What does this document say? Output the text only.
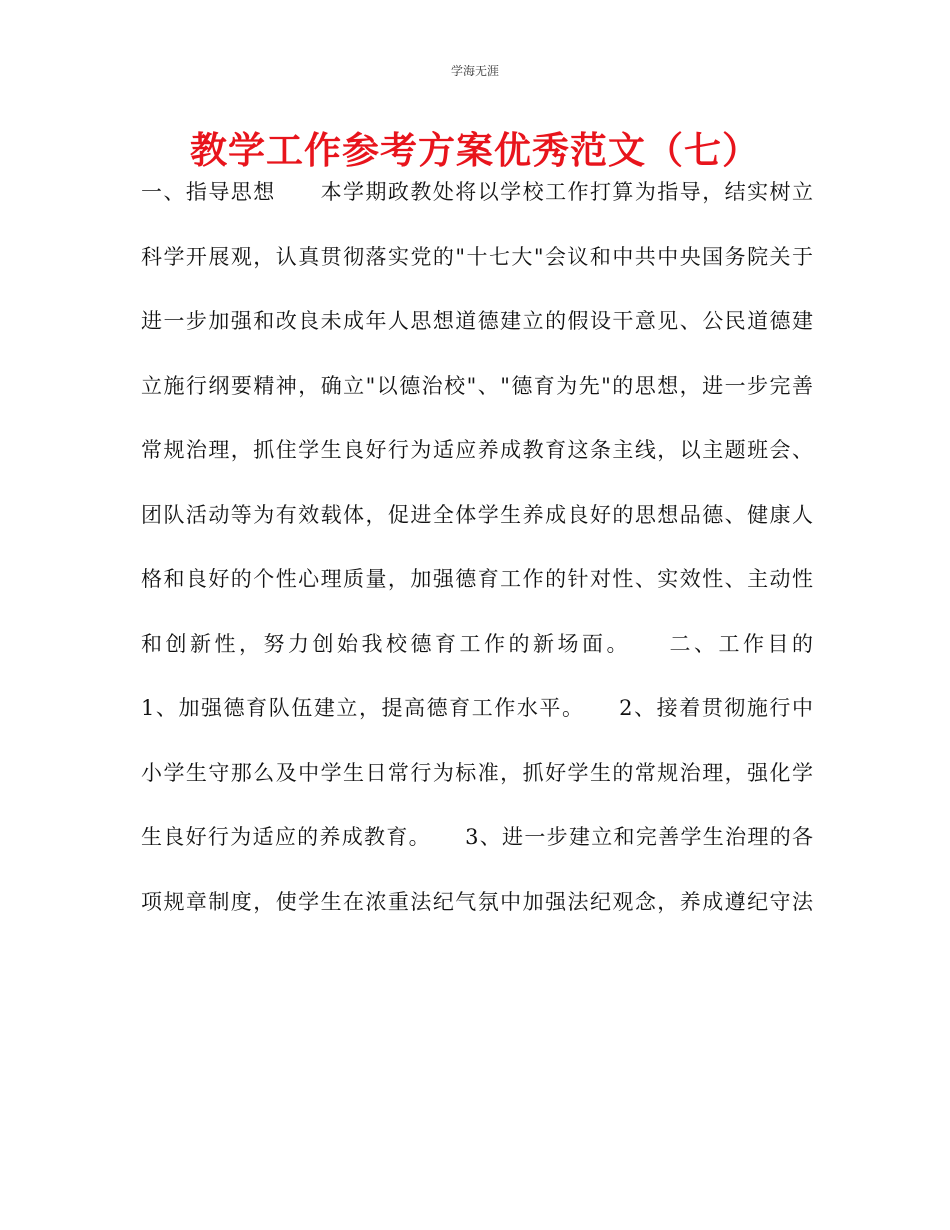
学海无涯
教学工作参考方案优秀范文（七）
一、指导思想　　本学期政教处将以学校工作打算为指导，结实树立
科学开展观，认真贯彻落实党的"十七大"会议和中共中央国务院关于
进一步加强和改良未成年人思想道德建立的假设干意见、公民道德建
立施行纲要精神，确立"以德治校"、"德育为先"的思想，进一步完善
常规治理，抓住学生良好行为适应养成教育这条主线，以主题班会、
团队活动等为有效载体，促进全体学生养成良好的思想品德、健康人
格和良好的个性心理质量，加强德育工作的针对性、实效性、主动性
和创新性，努力创始我校德育工作的新场面。　　二、工作目的
1、加强德育队伍建立，提高德育工作水平。　　2、接着贯彻施行中
小学生守那么及中学生日常行为标准，抓好学生的常规治理，强化学
生良好行为适应的养成教育。　　3、进一步建立和完善学生治理的各
项规章制度，使学生在浓重法纪气氛中加强法纪观念，养成遵纪守法
